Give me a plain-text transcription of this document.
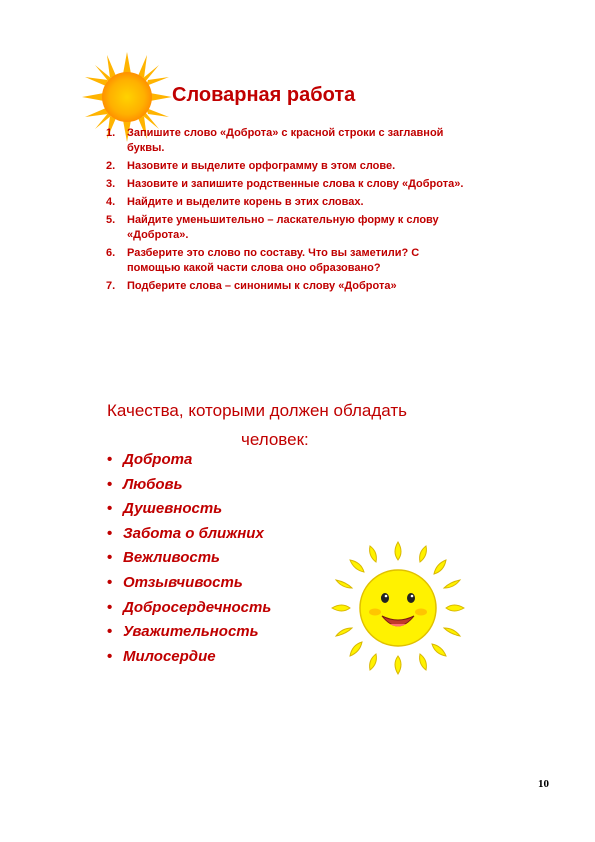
Словарная работа
1.	Запишите слово «Доброта» с красной строки с заглавной буквы.
2.	Назовите и выделите орфограмму в этом слове.
3.	Назовите и запишите родственные слова к слову «Доброта».
4.	Найдите и выделите корень в этих словах.
5.	Найдите уменьшительно – ласкательную форму к слову «Доброта».
6.	Разберите это слово по составу. Что вы заметили? С помощью какой части слова оно образовано?
7.	Подберите слова – синонимы к слову «Доброта»
Качества, которыми должен обладать
человек:
• Доброта
• Любовь
• Душевность
• Забота о ближних
• Вежливость
• Отзывчивость
• Добросердечность
• Уважительность
• Милосердие
10
